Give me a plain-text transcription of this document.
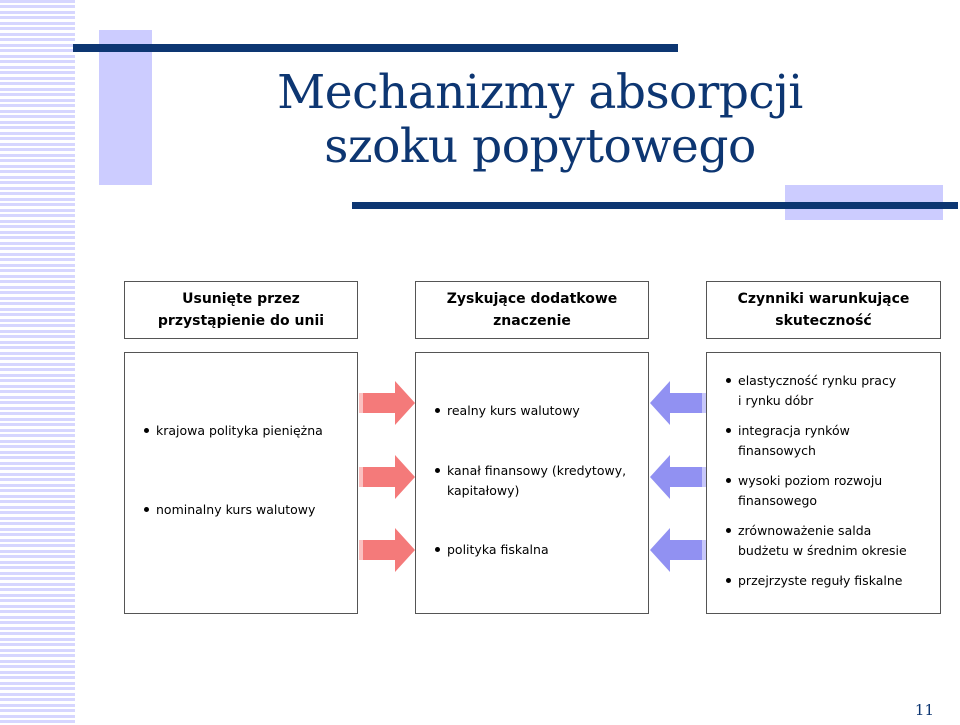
Mechanizmy absorpcji
szoku popytowego
Usunięte przez
przystąpienie do unii
krajowa polityka pieniężna
nominalny kurs walutowy
Zyskujące dodatkowe
znaczenie
realny kurs walutowy
kanał finansowy (kredytowy,
kapitałowy)
polityka fiskalna
Czynniki warunkujące
skuteczność
elastyczność rynku pracy
i rynku dóbr
integracja rynków
finansowych
wysoki poziom rozwoju
finansowego
zrównoważenie salda
budżetu w średnim okresie
przejrzyste reguły fiskalne
11
